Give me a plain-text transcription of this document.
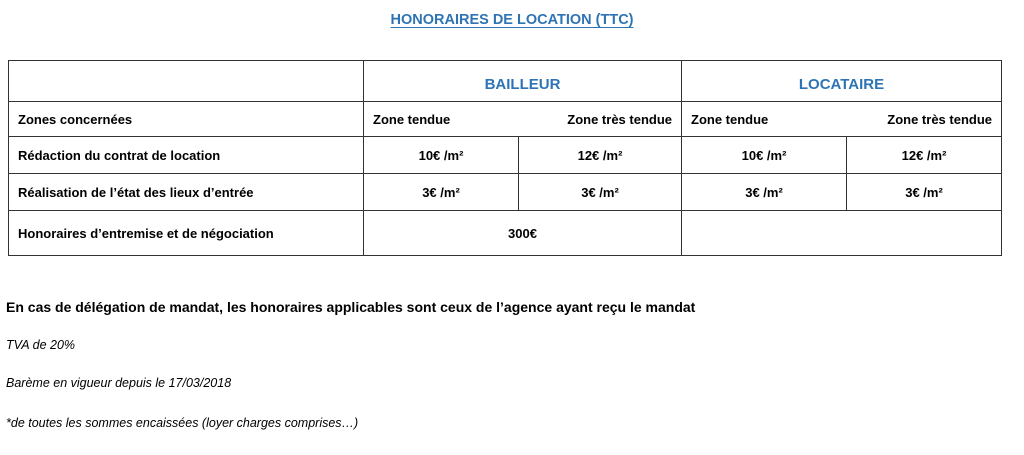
HONORAIRES DE LOCATION (TTC)
	BAILLEUR		LOCATAIRE	
Zones concernées	Zone tendue	Zone très tendue	Zone tendue	Zone très tendue
Rédaction du contrat de location	10€ /m²	12€ /m²	10€ /m²	12€ /m²
Réalisation de l’état des lieux d’entrée	3€ /m²	3€ /m²	3€ /m²	3€ /m²
Honoraires d’entremise et de négociation	300€			
En cas de délégation de mandat, les honoraires applicables sont ceux de l’agence ayant reçu le mandat
TVA de 20%
Barème en vigueur depuis le 17/03/2018
*de toutes les sommes encaissées (loyer charges comprises…)
